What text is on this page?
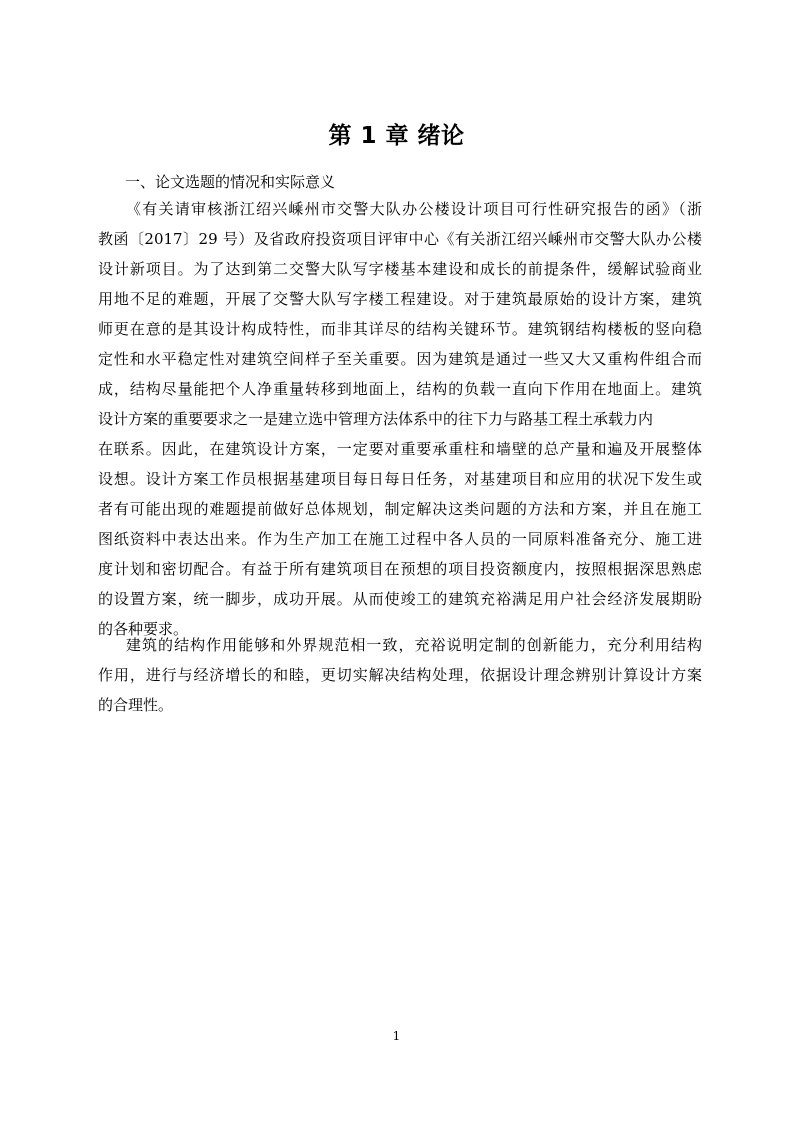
第 1 章 绪论
一、论文选题的情况和实际意义
《有关请审核浙江绍兴嵊州市交警大队办公楼设计项目可行性研究报告的函》（浙
教函〔2017〕29 号）及省政府投资项目评审中心《有关浙江绍兴嵊州市交警大队办公楼
设计新项目。为了达到第二交警大队写字楼基本建设和成长的前提条件，缓解试验商业
用地不足的难题，开展了交警大队写字楼工程建设。对于建筑最原始的设计方案，建筑
师更在意的是其设计构成特性，而非其详尽的结构关键环节。建筑钢结构楼板的竖向稳
定性和水平稳定性对建筑空间样子至关重要。因为建筑是通过一些又大又重构件组合而
成，结构尽量能把个人净重量转移到地面上，结构的负载一直向下作用在地面上。建筑
设计方案的重要要求之一是建立选中管理方法体系中的往下力与路基工程土承载力内
在联系。因此，在建筑设计方案，一定要对重要承重柱和墙壁的总产量和遍及开展整体
设想。设计方案工作员根据基建项目每日每日任务，对基建项目和应用的状况下发生或
者有可能出现的难题提前做好总体规划，制定解决这类问题的方法和方案，并且在施工
图纸资料中表达出来。作为生产加工在施工过程中各人员的一同原料准备充分、施工进
度计划和密切配合。有益于所有建筑项目在预想的项目投资额度内，按照根据深思熟虑
的设置方案，统一脚步，成功开展。从而使竣工的建筑充裕满足用户社会经济发展期盼
的各种要求。
建筑的结构作用能够和外界规范相一致，充裕说明定制的创新能力，充分利用结构
作用，进行与经济增长的和睦，更切实解决结构处理，依据设计理念辨别计算设计方案
的合理性。
1
